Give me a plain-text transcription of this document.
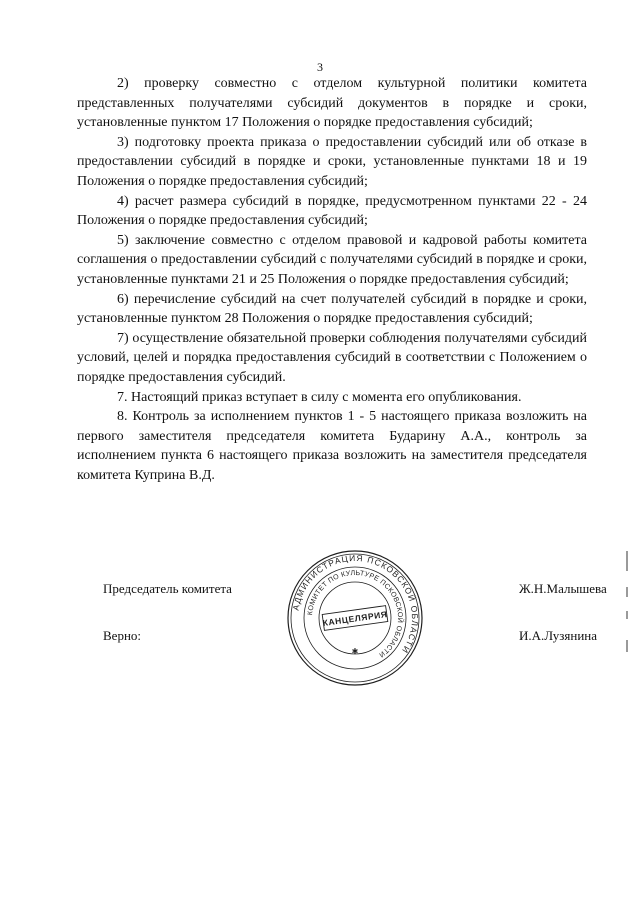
3

2) проверку совместно с отделом культурной политики комитета представленных получателями субсидий документов в порядке и сроки, установленные пунктом 17 Положения о порядке предоставления субсидий;

3) подготовку проекта приказа о предоставлении субсидий или об отказе в предоставлении субсидий в порядке и сроки, установленные пунктами 18 и 19 Положения о порядке предоставления субсидий;

4) расчет размера субсидий в порядке, предусмотренном пунктами 22 - 24 Положения о порядке предоставления субсидий;

5) заключение совместно с отделом правовой и кадровой работы комитета соглашения о предоставлении субсидий с получателями субсидий в порядке и сроки, установленные пунктами 21 и 25 Положения о порядке предоставления субсидий;

6) перечисление субсидий на счет получателей субсидий в порядке и сроки, установленные пунктом 28 Положения о порядке предоставления субсидий;

7) осуществление обязательной проверки соблюдения получателями субсидий условий, целей и порядка предоставления субсидий в соответствии с Положением о порядке предоставления субсидий.

7. Настоящий приказ вступает в силу с момента его опубликования.

8. Контроль за исполнением пунктов 1 - 5 настоящего приказа возложить на первого заместителя председателя комитета Бударину А.А., контроль за исполнением пункта 6 настоящего приказа возложить на заместителя председателя комитета Куприна В.Д.

Председатель комитета	Ж.Н.Малышева
Верно:	И.А.Лузянина
АДМИНИСТРАЦИЯ ПСКОВСКОЙ ОБЛАСТИ
КОМИТЕТ ПО КУЛЬТУРЕ ПСКОВСКОЙ ОБЛАСТИ
КАНЦЕЛЯРИЯ
✱
